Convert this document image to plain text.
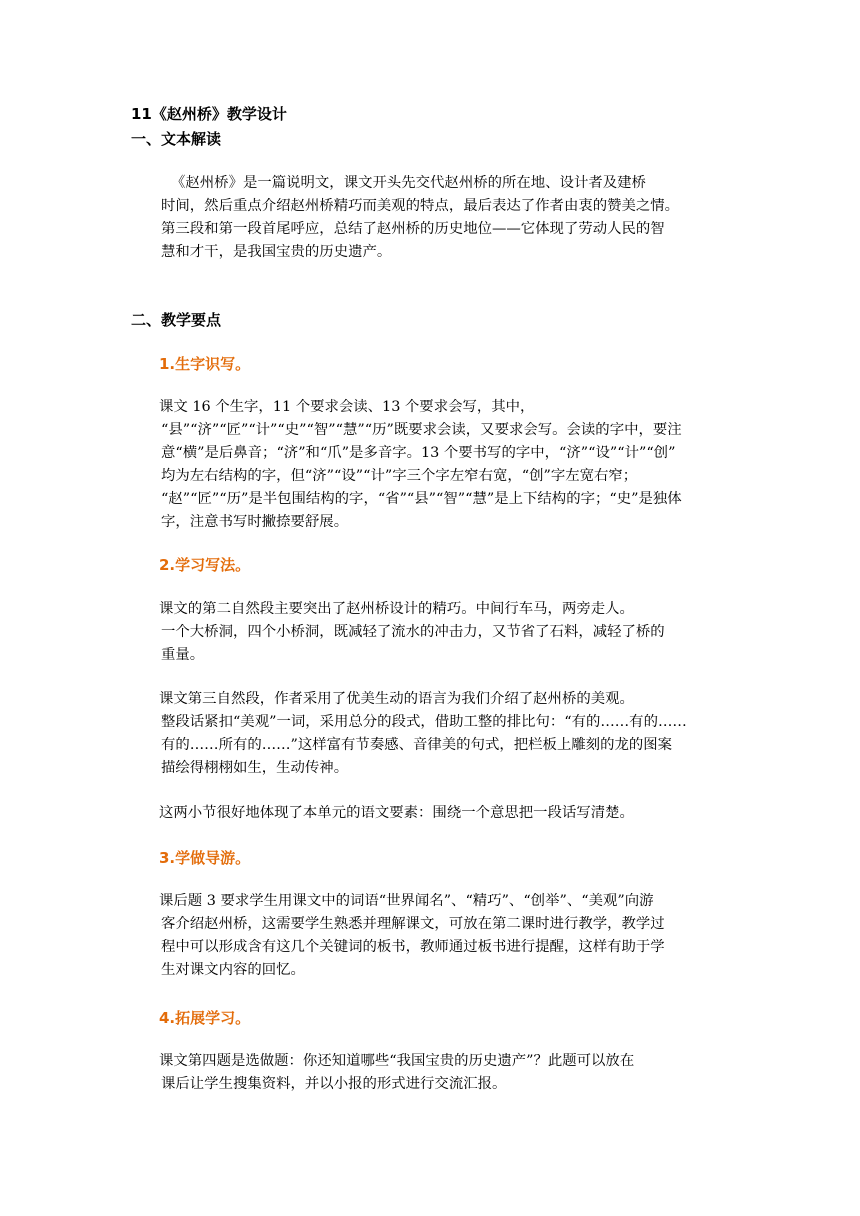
11《赵州桥》教学设计
一、文本解读
《赵州桥》是一篇说明文，课文开头先交代赵州桥的所在地、设计者及建桥
时间，然后重点介绍赵州桥精巧而美观的特点，最后表达了作者由衷的赞美之情。
第三段和第一段首尾呼应，总结了赵州桥的历史地位——它体现了劳动人民的智
慧和才干，是我国宝贵的历史遗产。
二、教学要点
1.生字识写。
课文 16 个生字，11 个要求会读、13 个要求会写，其中，
“县”“济”“匠”“计”“史”“智”“慧”“历”既要求会读，又要求会写。会读的字中，要注
意“横”是后鼻音；“济”和“爪”是多音字。13 个要书写的字中，“济”“设”“计”“创”
均为左右结构的字，但“济”“设”“计”字三个字左窄右宽，“创”字左宽右窄；
“赵”“匠”“历”是半包围结构的字，“省”“县”“智”“慧”是上下结构的字；“史”是独体
字，注意书写时撇捺要舒展。
2.学习写法。
课文的第二自然段主要突出了赵州桥设计的精巧。中间行车马，两旁走人。
一个大桥洞，四个小桥洞，既减轻了流水的冲击力，又节省了石料，减轻了桥的
重量。
课文第三自然段，作者采用了优美生动的语言为我们介绍了赵州桥的美观。
整段话紧扣“美观”一词，采用总分的段式，借助工整的排比句：“有的……有的……
有的……所有的……”这样富有节奏感、音律美的句式，把栏板上雕刻的龙的图案
描绘得栩栩如生，生动传神。
这两小节很好地体现了本单元的语文要素：围绕一个意思把一段话写清楚。
3.学做导游。
课后题 3 要求学生用课文中的词语“世界闻名”、“精巧”、“创举”、“美观”向游
客介绍赵州桥，这需要学生熟悉并理解课文，可放在第二课时进行教学，教学过
程中可以形成含有这几个关键词的板书，教师通过板书进行提醒，这样有助于学
生对课文内容的回忆。
4.拓展学习。
课文第四题是选做题：你还知道哪些“我国宝贵的历史遗产”？此题可以放在
课后让学生搜集资料，并以小报的形式进行交流汇报。
